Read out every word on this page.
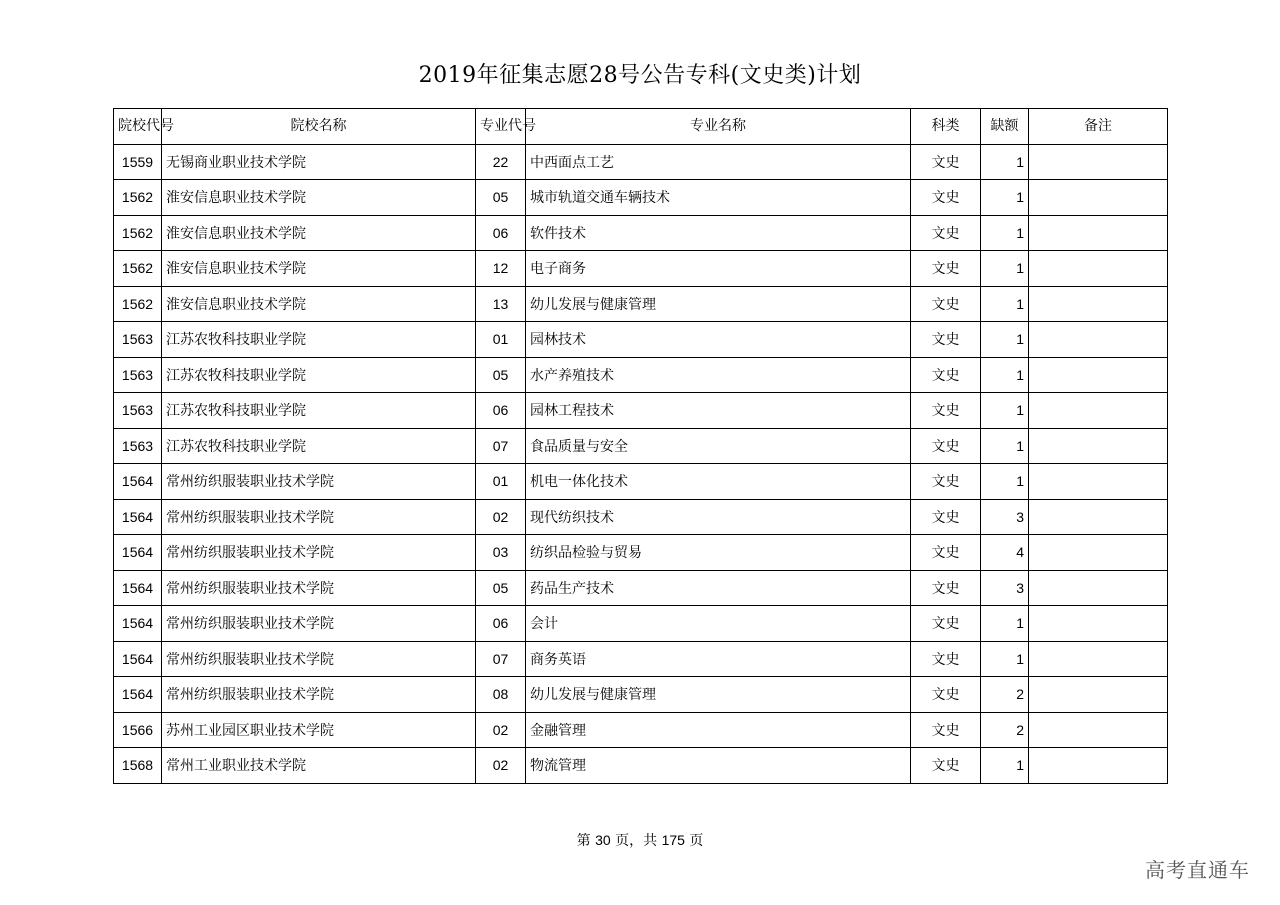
2019年征集志愿28号公告专科(文史类)计划
院校代号	院校名称	专业代号	专业名称	科类	缺额	备注
1559	无锡商业职业技术学院	22	中西面点工艺	文史	1	
1562	淮安信息职业技术学院	05	城市轨道交通车辆技术	文史	1	
1562	淮安信息职业技术学院	06	软件技术	文史	1	
1562	淮安信息职业技术学院	12	电子商务	文史	1	
1562	淮安信息职业技术学院	13	幼儿发展与健康管理	文史	1	
1563	江苏农牧科技职业学院	01	园林技术	文史	1	
1563	江苏农牧科技职业学院	05	水产养殖技术	文史	1	
1563	江苏农牧科技职业学院	06	园林工程技术	文史	1	
1563	江苏农牧科技职业学院	07	食品质量与安全	文史	1	
1564	常州纺织服装职业技术学院	01	机电一体化技术	文史	1	
1564	常州纺织服装职业技术学院	02	现代纺织技术	文史	3	
1564	常州纺织服装职业技术学院	03	纺织品检验与贸易	文史	4	
1564	常州纺织服装职业技术学院	05	药品生产技术	文史	3	
1564	常州纺织服装职业技术学院	06	会计	文史	1	
1564	常州纺织服装职业技术学院	07	商务英语	文史	1	
1564	常州纺织服装职业技术学院	08	幼儿发展与健康管理	文史	2	
1566	苏州工业园区职业技术学院	02	金融管理	文史	2	
1568	常州工业职业技术学院	02	物流管理	文史	1	
第 30 页，共 175 页
高考直通车
